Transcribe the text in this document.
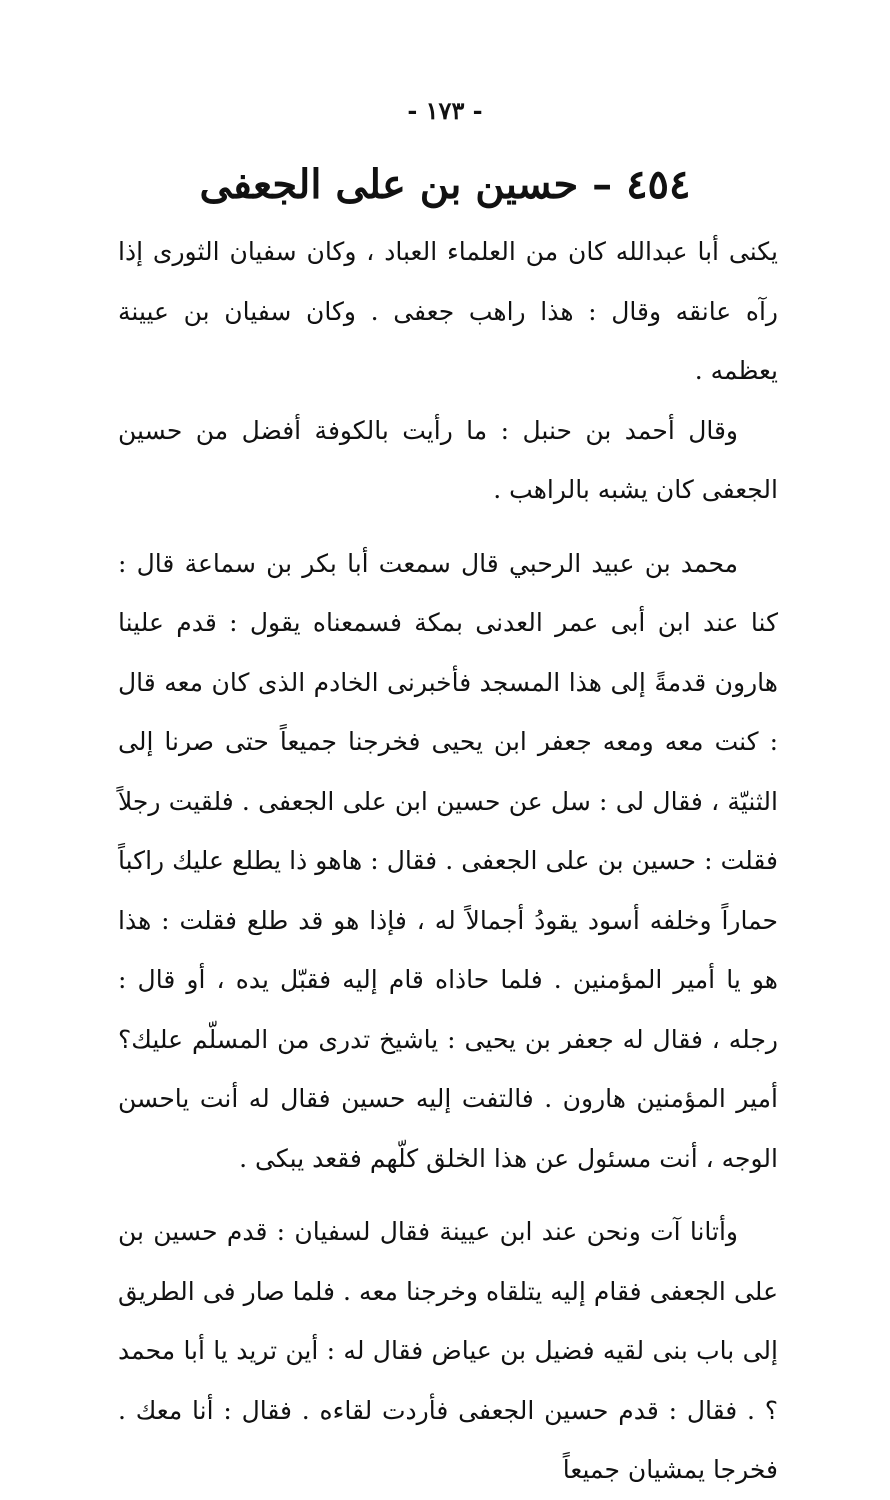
- ١٧٣ -
٤٥٤ – حسين بن على الجعفى

يكنى أبا عبدالله كان من العلماء العباد ، وكان سفيان الثورى إذا رآه عانقه وقال : هذا راهب جعفى . وكان سفيان بن عيينة يعظمه .

وقال أحمد بن حنبل : ما رأيت بالكوفة أفضل من حسين الجعفى كان يشبه بالراهب .

محمد بن عبيد الرحبي قال سمعت أبا بكر بن سماعة قال : كنا عند ابن أبى عمر العدنى بمكة فسمعناه يقول : قدم علينا هارون قدمةً إلى هذا المسجد فأخبرنى الخادم الذى كان معه قال : كنت معه ومعه جعفر ابن يحيى فخرجنا جميعاً حتى صرنا إلى الثنيّة ، فقال لى : سل عن حسين ابن على الجعفى . فلقيت رجلاً فقلت : حسين بن على الجعفى . فقال : هاهو ذا يطلع عليك راكباً حماراً وخلفه أسود يقودُ أجمالاً له ، فإذا هو قد طلع فقلت : هذا هو يا أمير المؤمنين . فلما حاذاه قام إليه فقبّل يده ، أو قال : رجله ، فقال له جعفر بن يحيى : ياشيخ تدرى من المسلّم عليك؟ أمير المؤمنين هارون . فالتفت إليه حسين فقال له أنت ياحسن الوجه ، أنت مسئول عن هذا الخلق كلّهم فقعد يبكى .

وأتانا آت ونحن عند ابن عيينة فقال لسفيان : قدم حسين بن على الجعفى فقام إليه يتلقاه وخرجنا معه . فلما صار فى الطريق إلى باب بنى لقيه فضيل بن عياض فقال له : أين تريد يا أبا محمد ؟ . فقال : قدم حسين الجعفى فأردت لقاءه . فقال : أنا معك . فخرجا يمشيان جميعاً
